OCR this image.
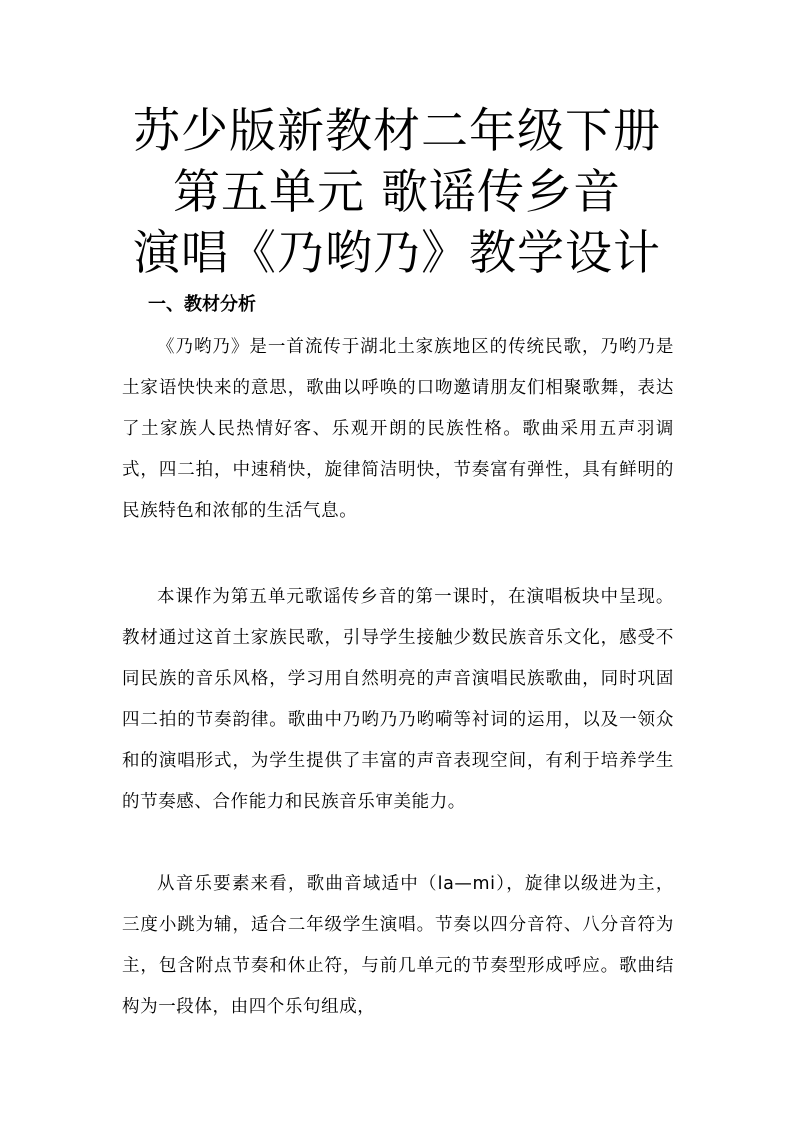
苏少版新教材二年级下册
第五单元 歌谣传乡音
演唱《乃哟乃》教学设计
一、教材分析

《乃哟乃》是一首流传于湖北土家族地区的传统民歌，乃哟乃是土家语快快来的意思，歌曲以呼唤的口吻邀请朋友们相聚歌舞，表达了土家族人民热情好客、乐观开朗的民族性格。歌曲采用五声羽调式，四二拍，中速稍快，旋律简洁明快，节奏富有弹性，具有鲜明的民族特色和浓郁的生活气息。

本课作为第五单元歌谣传乡音的第一课时，在演唱板块中呈现。教材通过这首土家族民歌，引导学生接触少数民族音乐文化，感受不同民族的音乐风格，学习用自然明亮的声音演唱民族歌曲，同时巩固四二拍的节奏韵律。歌曲中乃哟乃乃哟嗬等衬词的运用，以及一领众和的演唱形式，为学生提供了丰富的声音表现空间，有利于培养学生的节奏感、合作能力和民族音乐审美能力。

从音乐要素来看，歌曲音域适中（la—mi），旋律以级进为主，三度小跳为辅，适合二年级学生演唱。节奏以四分音符、八分音符为主，包含附点节奏和休止符，与前几单元的节奏型形成呼应。歌曲结构为一段体，由四个乐句组成，
